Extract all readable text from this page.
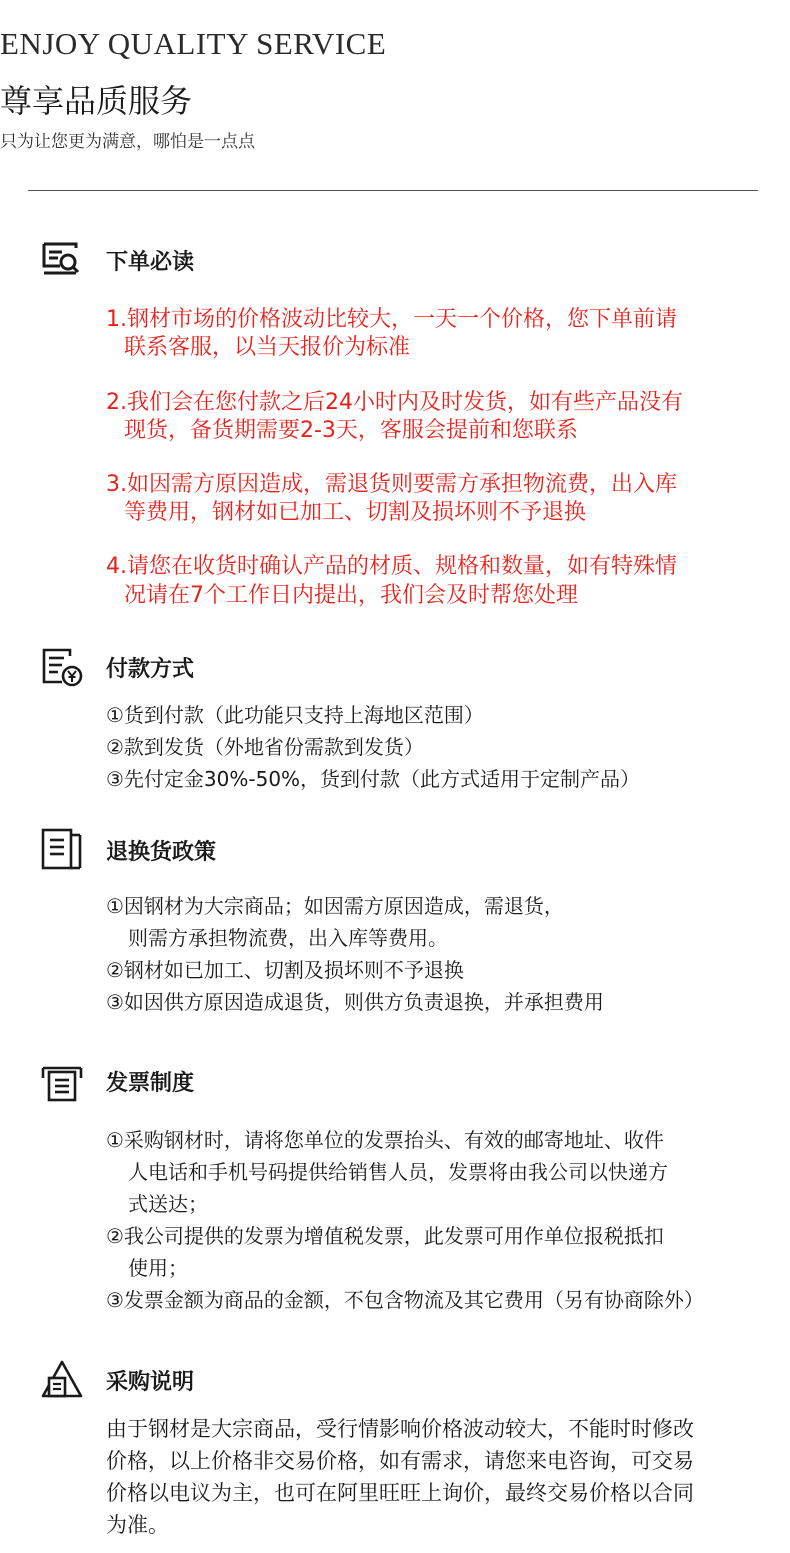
ENJOY QUALITY SERVICE
尊享品质服务
只为让您更为满意，哪怕是一点点
下单必读
1.钢材市场的价格波动比较大，一天一个价格，您下单前请
联系客服，以当天报价为标准
2.我们会在您付款之后24小时内及时发货，如有些产品没有
现货，备货期需要2-3天，客服会提前和您联系
3.如因需方原因造成，需退货则要需方承担物流费，出入库
等费用，钢材如已加工、切割及损坏则不予退换
4.请您在收货时确认产品的材质、规格和数量，如有特殊情
况请在7个工作日内提出，我们会及时帮您处理
付款方式
①货到付款（此功能只支持上海地区范围）
②款到发货（外地省份需款到发货）
③先付定金30%-50%，货到付款（此方式适用于定制产品）
退换货政策
①因钢材为大宗商品；如因需方原因造成，需退货，
则需方承担物流费，出入库等费用。
②钢材如已加工、切割及损坏则不予退换
③如因供方原因造成退货，则供方负责退换，并承担费用
发票制度
①采购钢材时，请将您单位的发票抬头、有效的邮寄地址、收件
人电话和手机号码提供给销售人员，发票将由我公司以快递方
式送达；
②我公司提供的发票为增值税发票，此发票可用作单位报税抵扣
使用；
③发票金额为商品的金额，不包含物流及其它费用（另有协商除外）
采购说明
由于钢材是大宗商品，受行情影响价格波动较大，不能时时修改
价格，以上价格非交易价格，如有需求，请您来电咨询，可交易
价格以电议为主，也可在阿里旺旺上询价，最终交易价格以合同
为准。
